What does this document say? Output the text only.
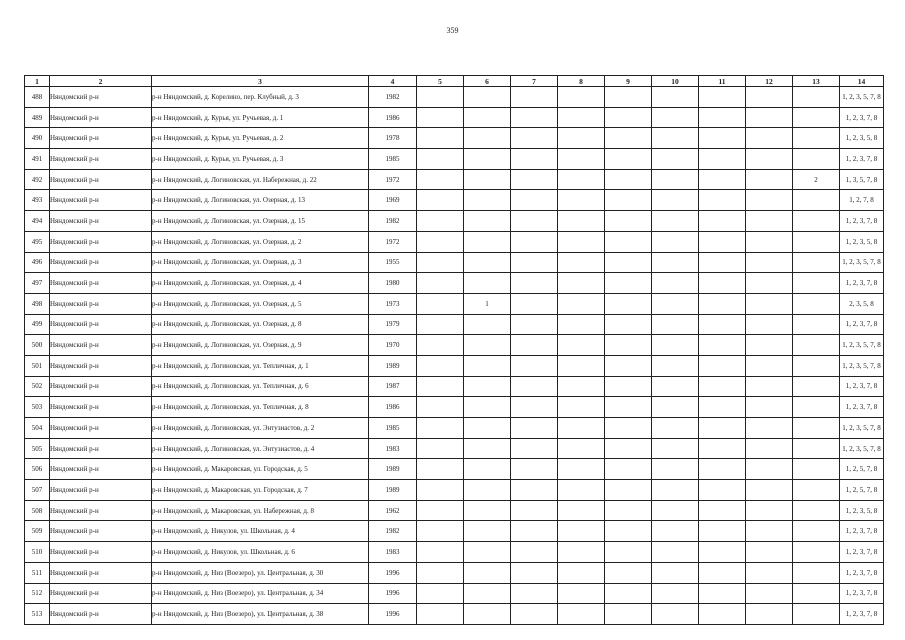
359
1	2	3	4	5	6	7	8	9	10	11	12	13	14
488	Няндомский р-н	р-н Няндомский, д. Корелино, пер. Клубный, д. 3	1982										1, 2, 3, 5, 7, 8
489	Няндомский р-н	р-н Няндомский, д. Курья, ул. Ручьевая, д. 1	1986										1, 2, 3, 7, 8
490	Няндомский р-н	р-н Няндомский, д. Курья, ул. Ручьевая, д. 2	1978										1, 2, 3, 5, 8
491	Няндомский р-н	р-н Няндомский, д. Курья, ул. Ручьевая, д. 3	1985										1, 2, 3, 7, 8
492	Няндомский р-н	р-н Няндомский, д. Логиновская, ул. Набережная, д. 22	1972									2	1, 3, 5, 7, 8
493	Няндомский р-н	р-н Няндомский, д. Логиновская, ул. Озерная, д. 13	1969										1, 2, 7, 8
494	Няндомский р-н	р-н Няндомский, д. Логиновская, ул. Озерная, д. 15	1982										1, 2, 3, 7, 8
495	Няндомский р-н	р-н Няндомский, д. Логиновская, ул. Озерная, д. 2	1972										1, 2, 3, 5, 8
496	Няндомский р-н	р-н Няндомский, д. Логиновская, ул. Озерная, д. 3	1955										1, 2, 3, 5, 7, 8
497	Няндомский р-н	р-н Няндомский, д. Логиновская, ул. Озерная, д. 4	1980										1, 2, 3, 7, 8
498	Няндомский р-н	р-н Няндомский, д. Логиновская, ул. Озерная, д. 5	1973		1								2, 3, 5, 8
499	Няндомский р-н	р-н Няндомский, д. Логиновская, ул. Озерная, д. 8	1979										1, 2, 3, 7, 8
500	Няндомский р-н	р-н Няндомский, д. Логиновская, ул. Озерная, д. 9	1970										1, 2, 3, 5, 7, 8
501	Няндомский р-н	р-н Няндомский, д. Логиновская, ул. Тепличная, д. 1	1989										1, 2, 3, 5, 7, 8
502	Няндомский р-н	р-н Няндомский, д. Логиновская, ул. Тепличная, д. 6	1987										1, 2, 3, 7, 8
503	Няндомский р-н	р-н Няндомский, д. Логиновская, ул. Тепличная, д. 8	1986										1, 2, 3, 7, 8
504	Няндомский р-н	р-н Няндомский, д. Логиновская, ул. Энтузиастов, д. 2	1985										1, 2, 3, 5, 7, 8
505	Няндомский р-н	р-н Няндомский, д. Логиновская, ул. Энтузиастов, д. 4	1983										1, 2, 3, 5, 7, 8
506	Няндомский р-н	р-н Няндомский, д. Макаровская, ул. Городская, д. 5	1989										1, 2, 5, 7, 8
507	Няндомский р-н	р-н Няндомский, д. Макаровская, ул. Городская, д. 7	1989										1, 2, 5, 7, 8
508	Няндомский р-н	р-н Няндомский, д. Макаровская, ул. Набережная, д. 8	1962										1, 2, 3, 5, 8
509	Няндомский р-н	р-н Няндомский, д. Никулов, ул. Школьная, д. 4	1982										1, 2, 3, 7, 8
510	Няндомский р-н	р-н Няндомский, д. Никулов, ул. Школьная, д. 6	1983										1, 2, 3, 7, 8
511	Няндомский р-н	р-н Няндомский, д. Низ (Воезеро), ул. Центральная, д. 30	1996										1, 2, 3, 7, 8
512	Няндомский р-н	р-н Няндомский, д. Низ (Воезеро), ул. Центральная, д. 34	1996										1, 2, 3, 7, 8
513	Няндомский р-н	р-н Няндомский, д. Низ (Воезеро), ул. Центральная, д. 38	1996										1, 2, 3, 7, 8
